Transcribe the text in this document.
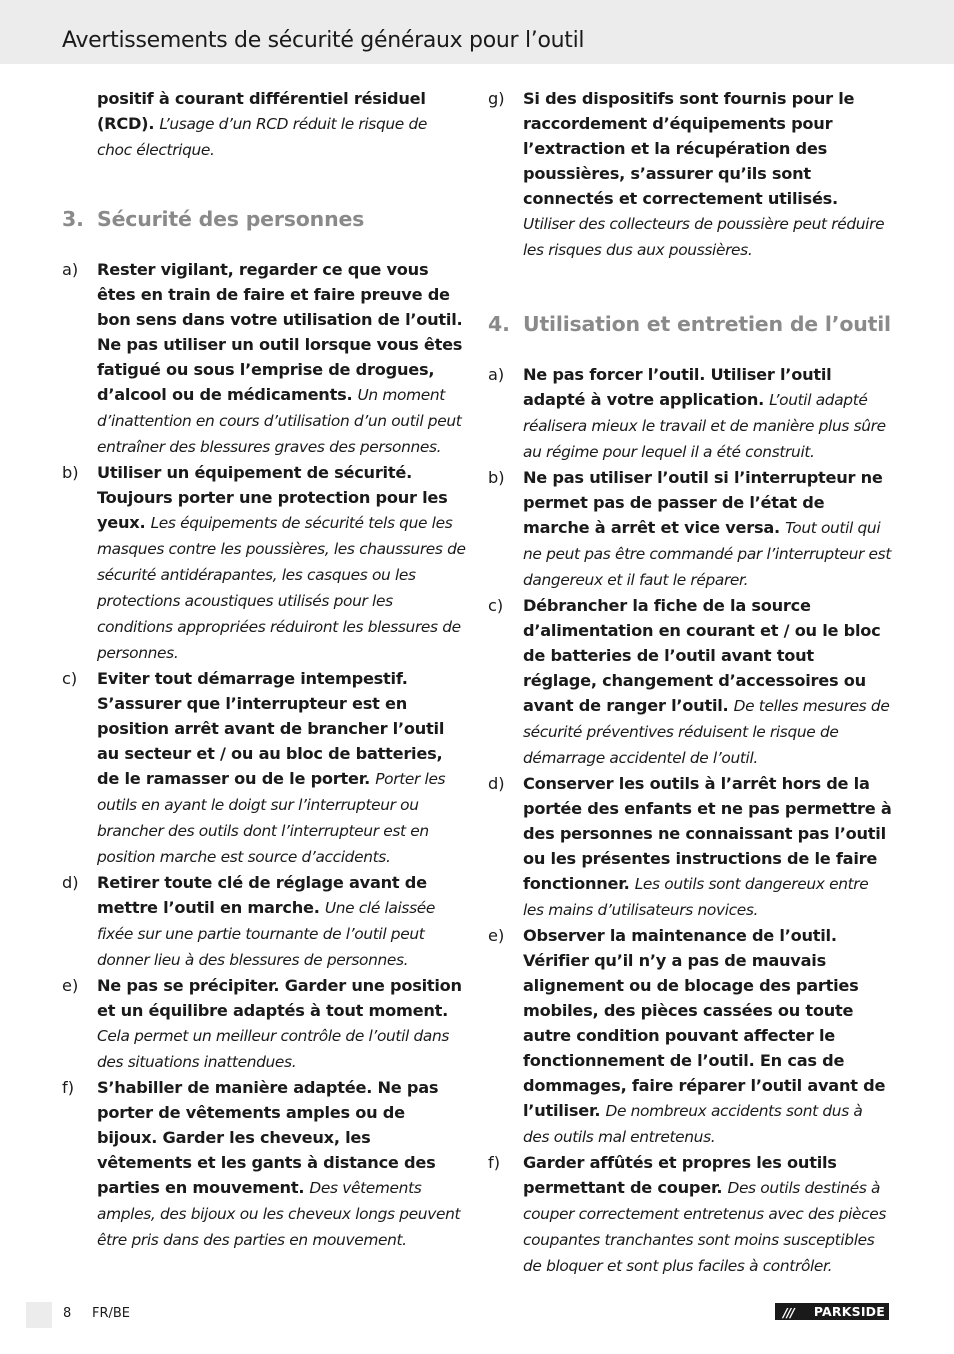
Avertissements de sécurité généraux pour l’outil
positif à courant différentiel résiduel (RCD). L’usage d’un RCD réduit le risque de choc électrique.
3. Sécurité des personnes
a) Rester vigilant, regarder ce que vous êtes en train de faire et faire preuve de bon sens dans votre utilisation de l’outil. Ne pas utiliser un outil lorsque vous êtes fatigué ou sous l’emprise de drogues, d’alcool ou de médicaments. Un moment d’inattention en cours d’utilisation d’un outil peut entraîner des blessures graves des personnes.
b) Utiliser un équipement de sécurité. Toujours porter une protection pour les yeux. Les équipements de sécurité tels que les masques contre les poussières, les chaussures de sécurité antidérapantes, les casques ou les protections acoustiques utilisés pour les conditions appropriées réduiront les blessures de personnes.
c) Eviter tout démarrage intempestif. S’assurer que l’interrupteur est en position arrêt avant de brancher l’outil au secteur et / ou au bloc de batteries, de le ramasser ou de le porter. Porter les outils en ayant le doigt sur l’interrupteur ou brancher des outils dont l’interrupteur est en position marche est source d’accidents.
d) Retirer toute clé de réglage avant de mettre l’outil en marche. Une clé laissée fixée sur une partie tournante de l’outil peut donner lieu à des blessures de personnes.
e) Ne pas se précipiter. Garder une position et un équilibre adaptés à tout moment. Cela permet un meilleur contrôle de l’outil dans des situations inattendues.
f) S’habiller de manière adaptée. Ne pas porter de vêtements amples ou de bijoux. Garder les cheveux, les vêtements et les gants à distance des parties en mouvement. Des vêtements amples, des bijoux ou les cheveux longs peuvent être pris dans des parties en mouvement.
g) Si des dispositifs sont fournis pour le raccordement d’équipements pour l’extraction et la récupération des poussières, s’assurer qu’ils sont connectés et correctement utilisés. Utiliser des collecteurs de poussière peut réduire les risques dus aux poussières.
4. Utilisation et entretien de l’outil
a) Ne pas forcer l’outil. Utiliser l’outil adapté à votre application. L’outil adapté réalisera mieux le travail et de manière plus sûre au régime pour lequel il a été construit.
b) Ne pas utiliser l’outil si l’interrupteur ne permet pas de passer de l’état de marche à arrêt et vice versa. Tout outil qui ne peut pas être commandé par l’interrupteur est dangereux et il faut le réparer.
c) Débrancher la fiche de la source d’alimentation en courant et / ou le bloc de batteries de l’outil avant tout réglage, changement d’accessoires ou avant de ranger l’outil. De telles mesures de sécurité préventives réduisent le risque de démarrage accidentel de l’outil.
d) Conserver les outils à l’arrêt hors de la portée des enfants et ne pas permettre à des personnes ne connaissant pas l’outil ou les présentes instructions de le faire fonctionner. Les outils sont dangereux entre les mains d’utilisateurs novices.
e) Observer la maintenance de l’outil. Vérifier qu’il n’y a pas de mauvais alignement ou de blocage des parties mobiles, des pièces cassées ou toute autre condition pouvant affecter le fonctionnement de l’outil. En cas de dommages, faire réparer l’outil avant de l’utiliser. De nombreux accidents sont dus à des outils mal entretenus.
f) Garder affûtés et propres les outils permettant de couper. Des outils destinés à couper correctement entretenus avec des pièces coupantes tranchantes sont moins susceptibles de bloquer et sont plus faciles à contrôler.
8 FR/BE	/// PARKSIDE
